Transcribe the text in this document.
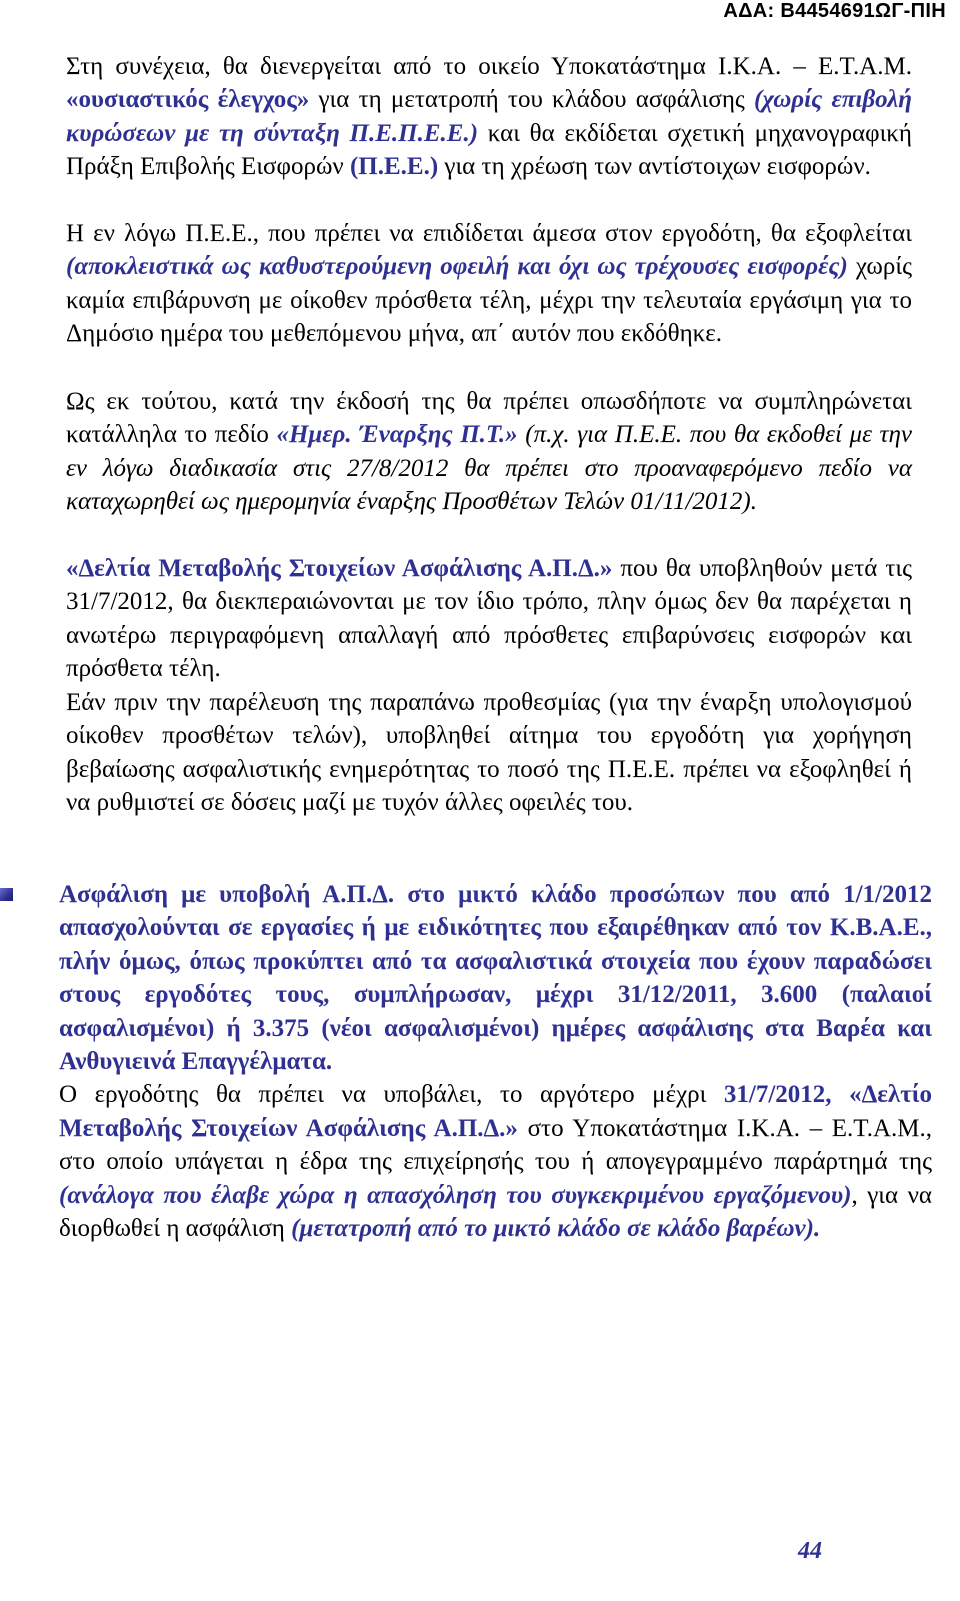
ΑΔΑ: Β4454691ΩΓ-ΠΙΗ

Στη συνέχεια, θα διενεργείται από το οικείο Υποκατάστημα Ι.Κ.Α. – Ε.Τ.Α.Μ. «ουσιαστικός έλεγχος» για τη μετατροπή του κλάδου ασφάλισης (χωρίς επιβολή κυρώσεων με τη σύνταξη Π.Ε.Π.Ε.Ε.) και θα εκδίδεται σχετική μηχανογραφική Πράξη Επιβολής Εισφορών (Π.Ε.Ε.) για τη χρέωση των αντίστοιχων εισφορών.

Η εν λόγω Π.Ε.Ε., που πρέπει να επιδίδεται άμεσα στον εργοδότη, θα εξοφλείται (αποκλειστικά ως καθυστερούμενη οφειλή και όχι ως τρέχουσες εισφορές) χωρίς καμία επιβάρυνση με οίκοθεν πρόσθετα τέλη, μέχρι την τελευταία εργάσιμη για το Δημόσιο ημέρα του μεθεπόμενου μήνα, απ΄ αυτόν που εκδόθηκε.

Ως εκ τούτου, κατά την έκδοσή της θα πρέπει οπωσδήποτε να συμπληρώνεται κατάλληλα το πεδίο «Ημερ. Έναρξης Π.Τ.» (π.χ. για Π.Ε.Ε. που θα εκδοθεί με την εν λόγω διαδικασία στις 27/8/2012 θα πρέπει στο προαναφερόμενο πεδίο να καταχωρηθεί ως ημερομηνία έναρξης Προσθέτων Τελών 01/11/2012).

«Δελτία Μεταβολής Στοιχείων Ασφάλισης Α.Π.Δ.» που θα υποβληθούν μετά τις 31/7/2012, θα διεκπεραιώνονται με τον ίδιο τρόπο, πλην όμως δεν θα παρέχεται η ανωτέρω περιγραφόμενη απαλλαγή από πρόσθετες επιβαρύνσεις εισφορών και πρόσθετα τέλη.

Εάν πριν την παρέλευση της παραπάνω προθεσμίας (για την έναρξη υπολογισμού οίκοθεν προσθέτων τελών), υποβληθεί αίτημα του εργοδότη για χορήγηση βεβαίωσης ασφαλιστικής ενημερότητας το ποσό της Π.Ε.Ε. πρέπει να εξοφληθεί ή να ρυθμιστεί σε δόσεις μαζί με τυχόν άλλες οφειλές του.

Ασφάλιση με υποβολή Α.Π.Δ. στο μικτό κλάδο προσώπων που από 1/1/2012 απασχολούνται σε εργασίες ή με ειδικότητες που εξαιρέθηκαν από τον Κ.Β.Α.Ε., πλήν όμως, όπως προκύπτει από τα ασφαλιστικά στοιχεία που έχουν παραδώσει στους εργοδότες τους, συμπλήρωσαν, μέχρι 31/12/2011, 3.600 (παλαιοί ασφαλισμένοι) ή 3.375 (νέοι ασφαλισμένοι) ημέρες ασφάλισης στα Βαρέα και Ανθυγιεινά Επαγγέλματα.

Ο εργοδότης θα πρέπει να υποβάλει, το αργότερο μέχρι 31/7/2012, «Δελτίο Μεταβολής Στοιχείων Ασφάλισης Α.Π.Δ.» στο Υποκατάστημα Ι.Κ.Α. – Ε.Τ.Α.Μ., στο οποίο υπάγεται η έδρα της επιχείρησής του ή απογεγραμμένο παράρτημά της (ανάλογα που έλαβε χώρα η απασχόληση του συγκεκριμένου εργαζόμενου), για να διορθωθεί η ασφάλιση (μετατροπή από το μικτό κλάδο σε κλάδο βαρέων).

44
